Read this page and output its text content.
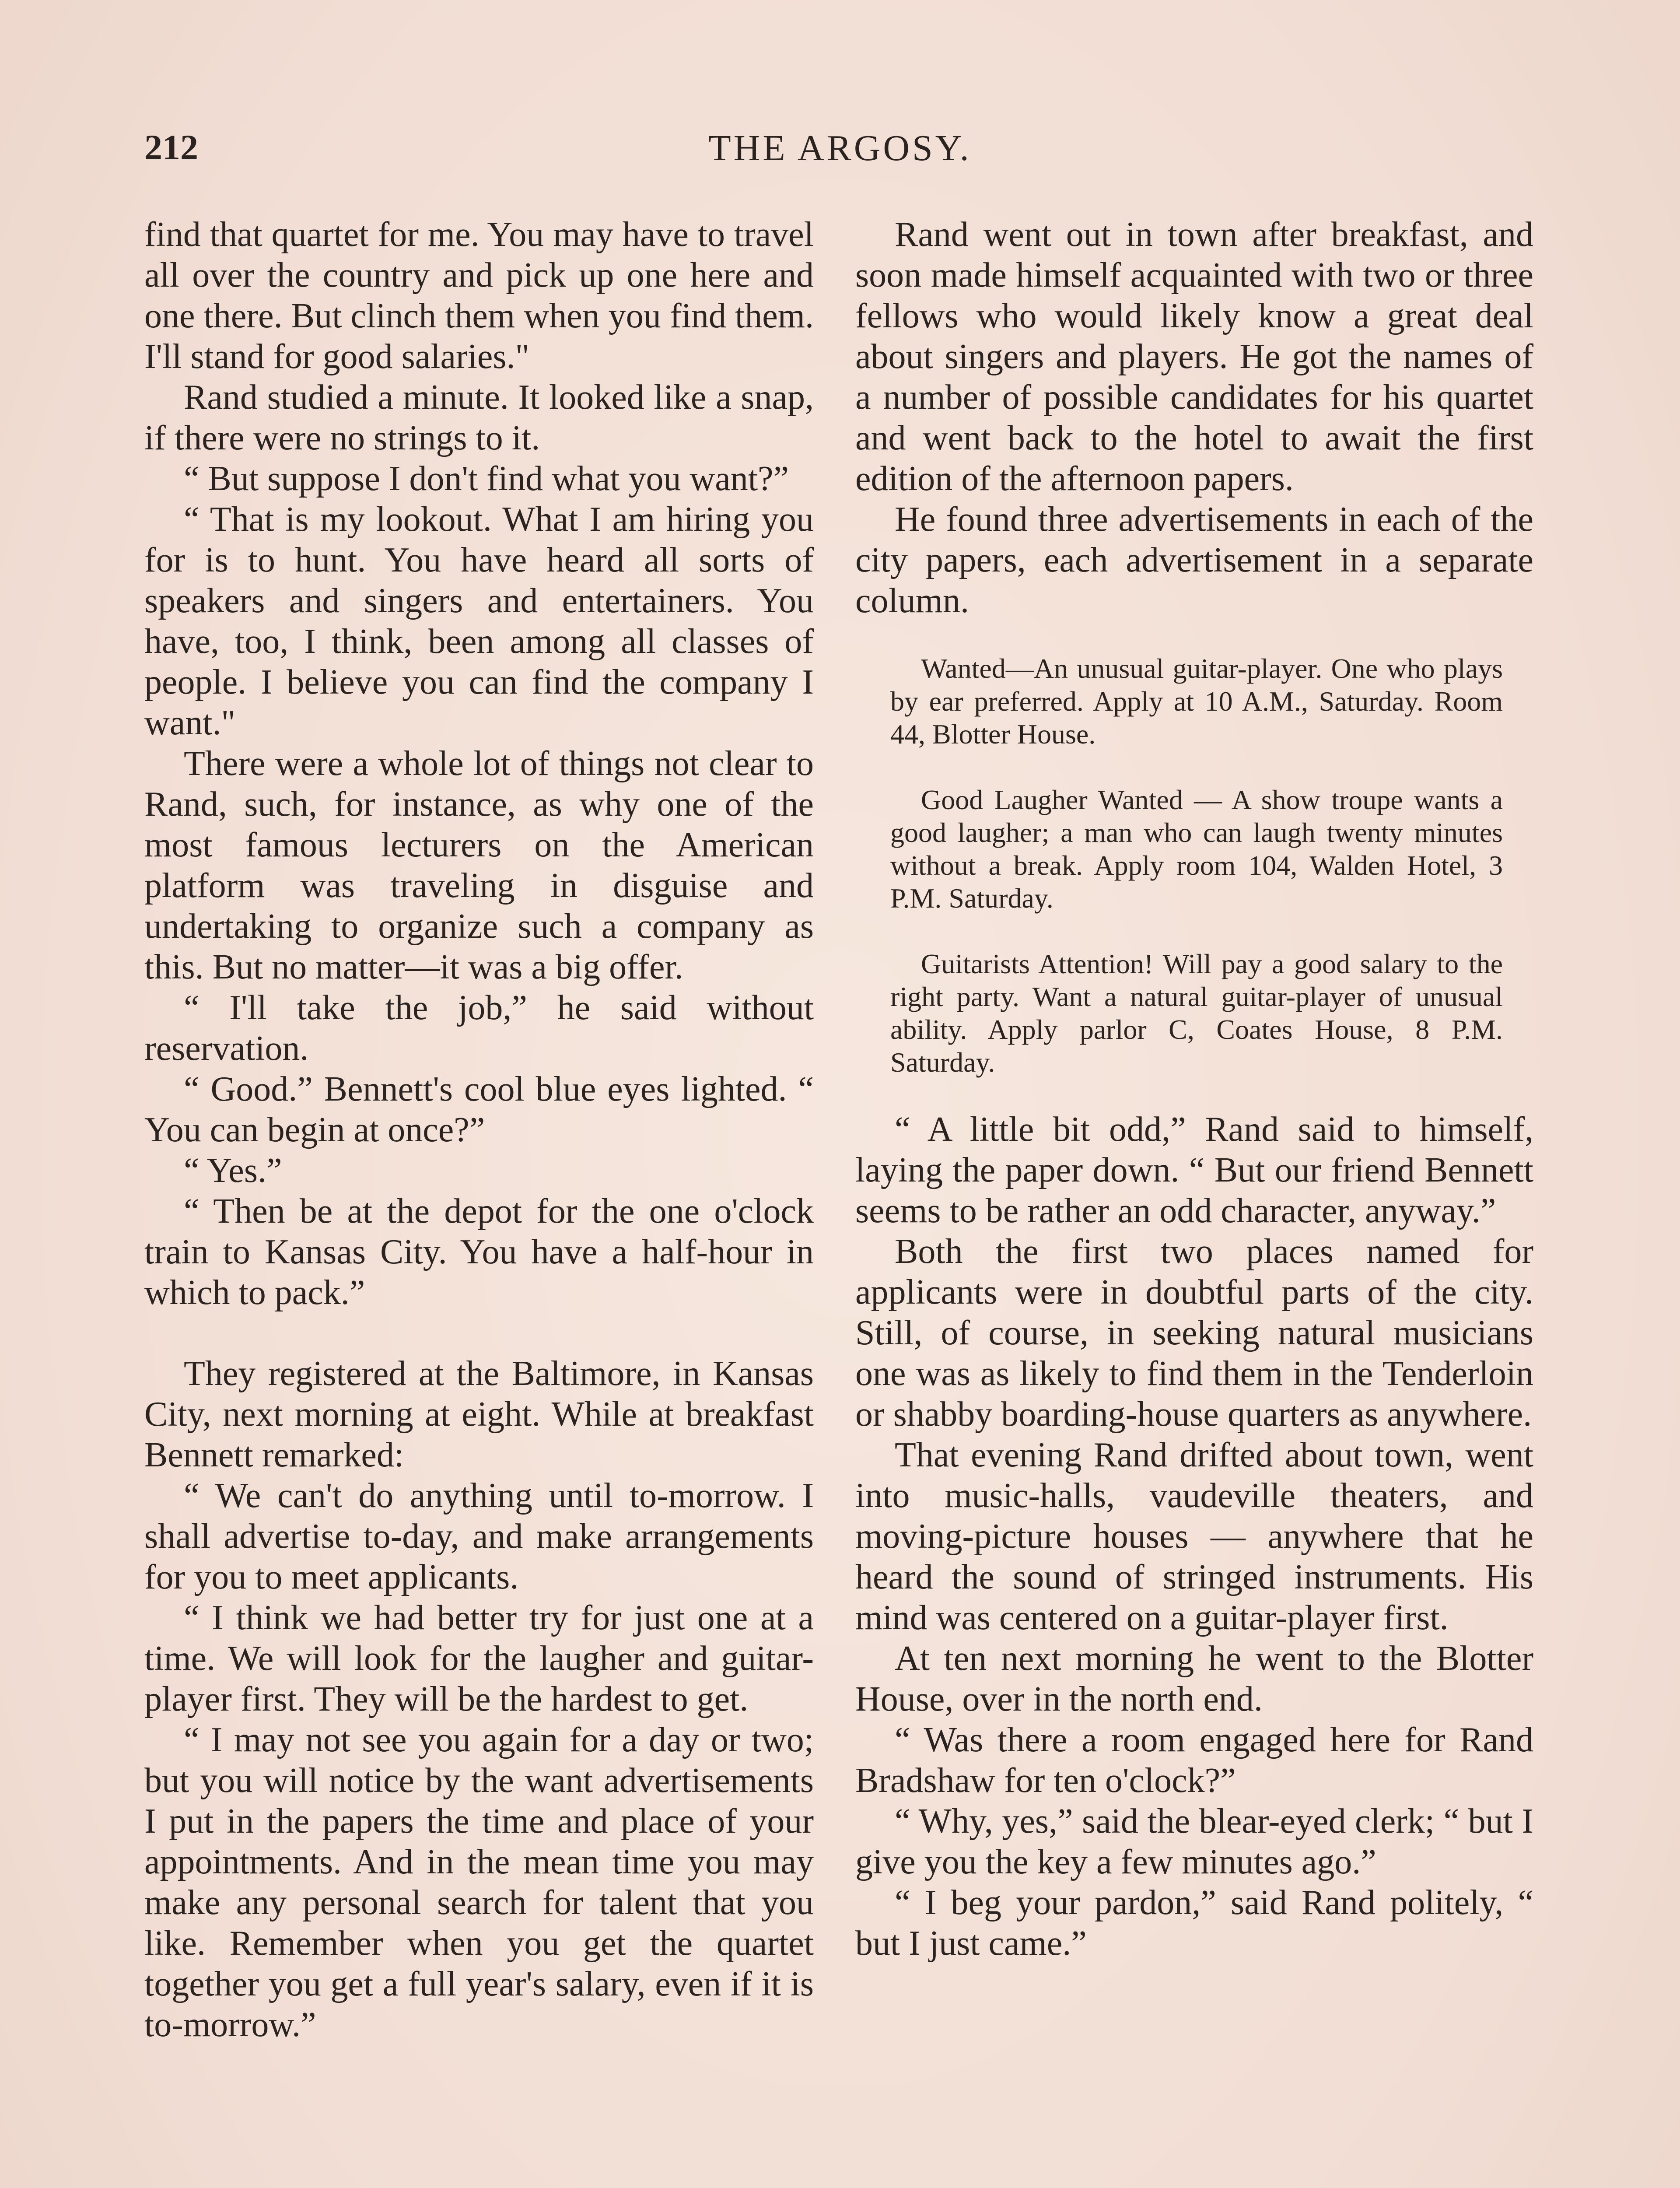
212	THE ARGOSY.

find that quartet for me. You may have to travel all over the country and pick up one here and one there. But clinch them when you find them. I'll stand for good salaries."

Rand studied a minute. It looked like a snap, if there were no strings to it.

“ But suppose I don't find what you want?”

“ That is my lookout. What I am hiring you for is to hunt. You have heard all sorts of speakers and singers and entertainers. You have, too, I think, been among all classes of people. I believe you can find the company I want."

There were a whole lot of things not clear to Rand, such, for instance, as why one of the most famous lecturers on the American platform was traveling in disguise and undertaking to organize such a company as this. But no matter—it was a big offer.

“ I'll take the job,” he said without reservation.

“ Good.” Bennett's cool blue eyes lighted. “ You can begin at once?”

“ Yes.”

“ Then be at the depot for the one o'clock train to Kansas City. You have a half-hour in which to pack.”

They registered at the Baltimore, in Kansas City, next morning at eight. While at breakfast Bennett remarked:

“ We can't do anything until to-morrow. I shall advertise to-day, and make arrangements for you to meet applicants.

“ I think we had better try for just one at a time. We will look for the laugher and guitar-player first. They will be the hardest to get.

“ I may not see you again for a day or two; but you will notice by the want advertisements I put in the papers the time and place of your appointments. And in the mean time you may make any personal search for talent that you like. Remember when you get the quartet together you get a full year's salary, even if it is to-morrow.”

Rand went out in town after breakfast, and soon made himself acquainted with two or three fellows who would likely know a great deal about singers and players. He got the names of a number of possible candidates for his quartet and went back to the hotel to await the first edition of the afternoon papers.

He found three advertisements in each of the city papers, each advertisement in a separate column.

Wanted—An unusual guitar-player. One who plays by ear preferred. Apply at 10 A.M., Saturday. Room 44, Blotter House.

Good Laugher Wanted — A show troupe wants a good laugher; a man who can laugh twenty minutes without a break. Apply room 104, Walden Hotel, 3 P.M. Saturday.

Guitarists Attention! Will pay a good salary to the right party. Want a natural guitar-player of unusual ability. Apply parlor C, Coates House, 8 P.M. Saturday.

“ A little bit odd,” Rand said to himself, laying the paper down. “ But our friend Bennett seems to be rather an odd character, anyway.”

Both the first two places named for applicants were in doubtful parts of the city. Still, of course, in seeking natural musicians one was as likely to find them in the Tenderloin or shabby boarding-house quarters as anywhere.

That evening Rand drifted about town, went into music-halls, vaudeville theaters, and moving-picture houses — anywhere that he heard the sound of stringed instruments. His mind was centered on a guitar-player first.

At ten next morning he went to the Blotter House, over in the north end.

“ Was there a room engaged here for Rand Bradshaw for ten o'clock?”

“ Why, yes,” said the blear-eyed clerk; “ but I give you the key a few minutes ago.”

“ I beg your pardon,” said Rand politely, “ but I just came.”
